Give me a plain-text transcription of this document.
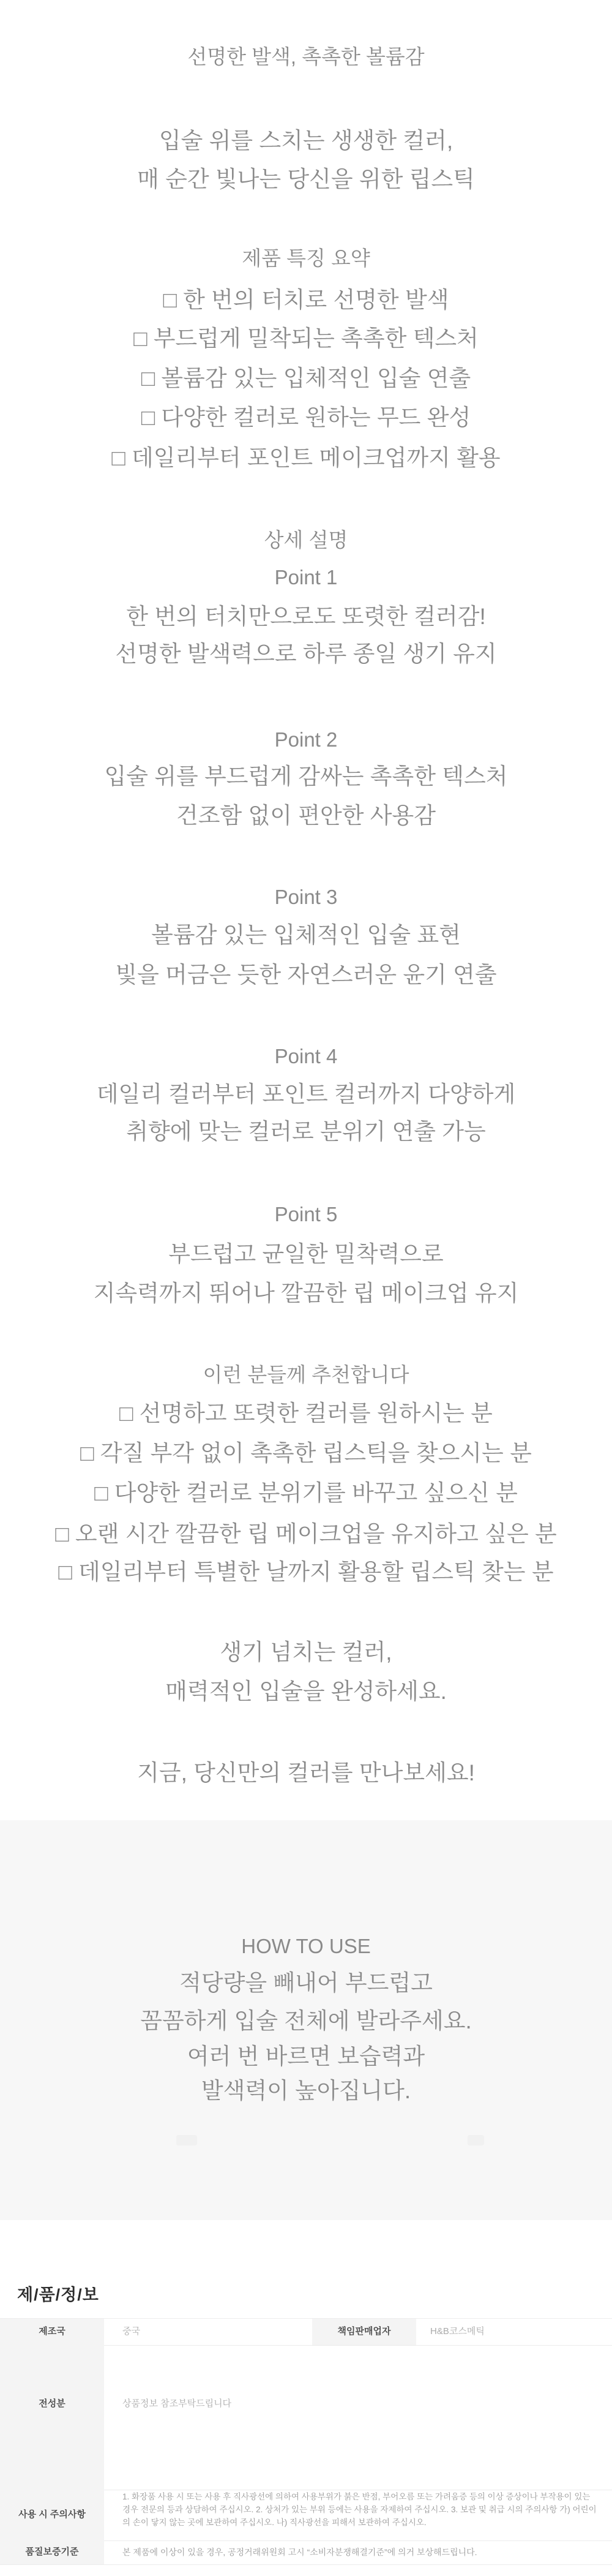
선명한 발색, 촉촉한 볼륨감
입술 위를 스치는 생생한 컬러,
매 순간 빛나는 당신을 위한 립스틱
제품 특징 요약
□ 한 번의 터치로 선명한 발색
□ 부드럽게 밀착되는 촉촉한 텍스처
□ 볼륨감 있는 입체적인 입술 연출
□ 다양한 컬러로 원하는 무드 완성
□ 데일리부터 포인트 메이크업까지 활용
상세 설명
Point 1
한 번의 터치만으로도 또렷한 컬러감!
선명한 발색력으로 하루 종일 생기 유지
Point 2
입술 위를 부드럽게 감싸는 촉촉한 텍스처
건조함 없이 편안한 사용감
Point 3
볼륨감 있는 입체적인 입술 표현
빛을 머금은 듯한 자연스러운 윤기 연출
Point 4
데일리 컬러부터 포인트 컬러까지 다양하게
취향에 맞는 컬러로 분위기 연출 가능
Point 5
부드럽고 균일한 밀착력으로
지속력까지 뛰어나 깔끔한 립 메이크업 유지
이런 분들께 추천합니다
□ 선명하고 또렷한 컬러를 원하시는 분
□ 각질 부각 없이 촉촉한 립스틱을 찾으시는 분
□ 다양한 컬러로 분위기를 바꾸고 싶으신 분
□ 오랜 시간 깔끔한 립 메이크업을 유지하고 싶은 분
□ 데일리부터 특별한 날까지 활용할 립스틱 찾는 분
생기 넘치는 컬러,
매력적인 입술을 완성하세요.
지금, 당신만의 컬러를 만나보세요!
HOW TO USE
적당량을 빼내어 부드럽고
꼼꼼하게 입술 전체에 발라주세요.
여러 번 바르면 보습력과
발색력이 높아집니다.
제/품/정/보
제조국	중국	책임판매업자	H&B코스메틱
전성분	상품정보 참조부탁드립니다
사용 시 주의사항
1. 화장품 사용 시 또는 사용 후 직사광선에 의하여 사용부위가 붉은 반점, 부어오름 또는 가려움증 등의 이상 증상이나 부작용이 있는 경우 전문의 등과 상담하여 주십시오. 2. 상처가 있는 부위 등에는 사용을 자제하여 주십시오. 3. 보관 및 취급 시의 주의사항 가) 어린이의 손이 닿지 않는 곳에 보관하여 주십시오. 나) 직사광선을 피해서 보관하여 주십시오.
품질보증기준	본 제품에 이상이 있을 경우, 공정거래위원회 고시 “소비자분쟁해결기준”에 의거 보상해드립니다.
